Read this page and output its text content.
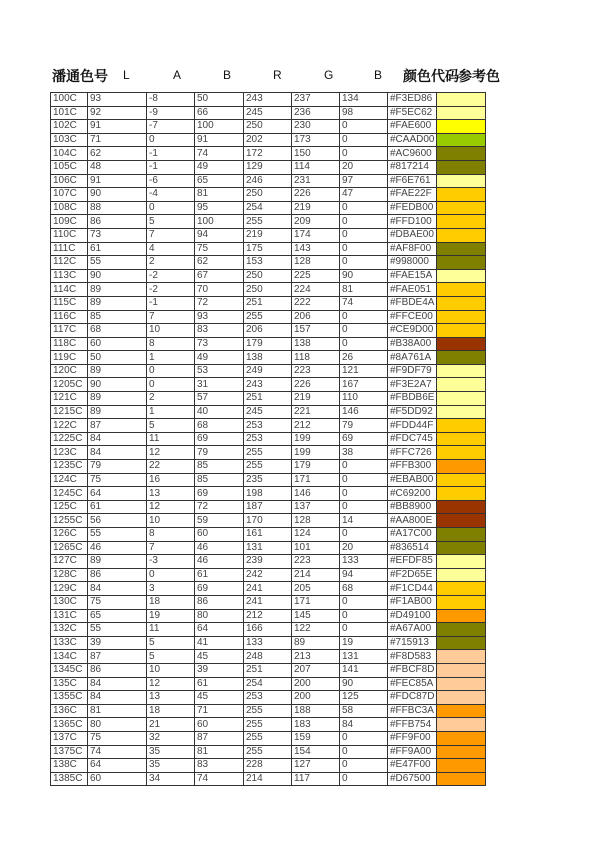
潘通色号 L	A	B	R	G	B 颜色代码 参考色
100C	93	-8	50	243	237	134	#F3ED86	
101C	92	-9	66	245	236	98	#F5EC62	
102C	91	-7	100	250	230	0	#FAE600	
103C	71	0	91	202	173	0	#CAAD00	
104C	62	-1	74	172	150	0	#AC9600	
105C	48	-1	49	129	114	20	#817214	
106C	91	-6	65	246	231	97	#F6E761	
107C	90	-4	81	250	226	47	#FAE22F	
108C	88	0	95	254	219	0	#FEDB00	
109C	86	5	100	255	209	0	#FFD100	
110C	73	7	94	219	174	0	#DBAE00	
111C	61	4	75	175	143	0	#AF8F00	
112C	55	2	62	153	128	0	#998000	
113C	90	-2	67	250	225	90	#FAE15A	
114C	89	-2	70	250	224	81	#FAE051	
115C	89	-1	72	251	222	74	#FBDE4A	
116C	85	7	93	255	206	0	#FFCE00	
117C	68	10	83	206	157	0	#CE9D00	
118C	60	8	73	179	138	0	#B38A00	
119C	50	1	49	138	118	26	#8A761A	
120C	89	0	53	249	223	121	#F9DF79	
1205C	90	0	31	243	226	167	#F3E2A7	
121C	89	2	57	251	219	110	#FBDB6E	
1215C	89	1	40	245	221	146	#F5DD92	
122C	87	5	68	253	212	79	#FDD44F	
1225C	84	11	69	253	199	69	#FDC745	
123C	84	12	79	255	199	38	#FFC726	
1235C	79	22	85	255	179	0	#FFB300	
124C	75	16	85	235	171	0	#EBAB00	
1245C	64	13	69	198	146	0	#C69200	
125C	61	12	72	187	137	0	#BB8900	
1255C	56	10	59	170	128	14	#AA800E	
126C	55	8	60	161	124	0	#A17C00	
1265C	46	7	46	131	101	20	#836514	
127C	89	-3	46	239	223	133	#EFDF85	
128C	86	0	61	242	214	94	#F2D65E	
129C	84	3	69	241	205	68	#F1CD44	
130C	75	18	86	241	171	0	#F1AB00	
131C	65	19	80	212	145	0	#D49100	
132C	55	11	64	166	122	0	#A67A00	
133C	39	5	41	133	89	19	#715913	
134C	87	5	45	248	213	131	#F8D583	
1345C	86	10	39	251	207	141	#FBCF8D	
135C	84	12	61	254	200	90	#FEC85A	
1355C	84	13	45	253	200	125	#FDC87D	
136C	81	18	71	255	188	58	#FFBC3A	
1365C	80	21	60	255	183	84	#FFB754	
137C	75	32	87	255	159	0	#FF9F00	
1375C	74	35	81	255	154	0	#FF9A00	
138C	64	35	83	228	127	0	#E47F00	
1385C	60	34	74	214	117	0	#D67500	
